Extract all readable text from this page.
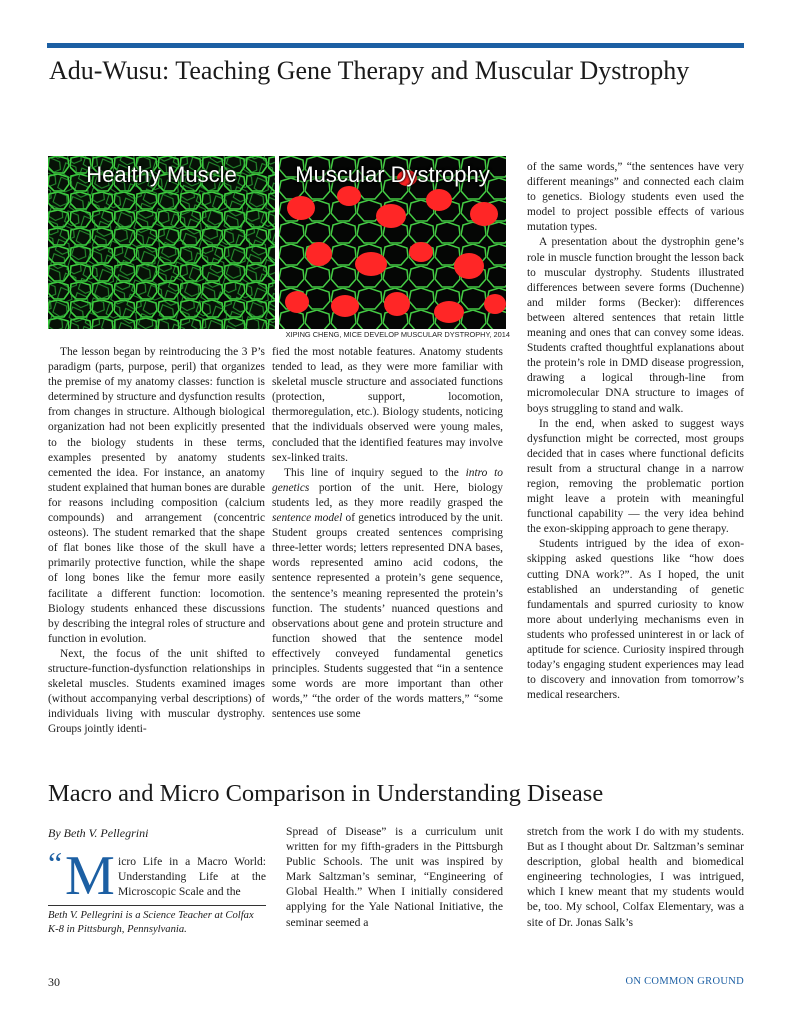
Adu-Wusu: Teaching Gene Therapy and Muscular Dystrophy
Healthy Muscle	Muscular Dystrophy
XIPING CHENG, MICE DEVELOP MUSCULAR DYSTROPHY, 2014

The lesson began by reintroducing the 3 P’s paradigm (parts, purpose, peril) that organizes the premise of my anatomy classes: function is determined by structure and dysfunction results from changes in structure. Although biological organization had not been explicitly presented to the biology students in these terms, examples presented by anatomy students cemented the idea. For instance, an anatomy student explained that human bones are durable for reasons including composition (calcium compounds) and arrangement (concentric osteons). The student remarked that the shape of flat bones like those of the skull have a primarily protective function, while the shape of long bones like the femur more easily facilitate a different function: locomotion. Biology students enhanced these discussions by describing the integral roles of structure and function in evolution.

Next, the focus of the unit shifted to structure-function-dysfunction relationships in skeletal muscles. Students examined images (without accompanying verbal descriptions) of individuals living with muscular dystrophy. Groups jointly identi-

fied the most notable features. Anatomy students tended to lead, as they were more familiar with skeletal muscle structure and associated functions (protection, support, locomotion, thermoregulation, etc.). Biology students, noticing that the individuals observed were young males, concluded that the identified features may involve sex-linked traits.

This line of inquiry segued to the intro to genetics portion of the unit. Here, biology students led, as they more readily grasped the sentence model of genetics introduced by the unit. Student groups created sentences comprising three-letter words; letters represented DNA bases, words represented amino acid codons, the sentence represented a protein’s gene sequence, the sentence’s meaning represented the protein’s function. The students’ nuanced questions and observations about gene and protein structure and function showed that the sentence model effectively conveyed fundamental genetics principles. Students suggested that “in a sentence some words are more important than other words,” “the order of the words matters,” “some sentences use some

of the same words,” “the sentences have very different meanings” and connected each claim to genetics. Biology students even used the model to project possible effects of various mutation types.

A presentation about the dystrophin gene’s role in muscle function brought the lesson back to muscular dystrophy. Students illustrated differences between severe forms (Duchenne) and milder forms (Becker): differences between altered sentences that retain little meaning and ones that can convey some ideas. Students crafted thoughtful explanations about the protein’s role in DMD disease progression, drawing a logical through-line from micromolecular DNA structure to images of boys struggling to stand and walk.

In the end, when asked to suggest ways dysfunction might be corrected, most groups decided that in cases where functional deficits result from a structural change in a narrow region, removing the problematic portion might leave a protein with meaningful functional capability — the very idea behind the exon-skipping approach to gene therapy.

Students intrigued by the idea of exon-skipping asked questions like “how does cutting DNA work?”. As I hoped, the unit established an understanding of genetic fundamentals and spurred curiosity to know more about underlying mechanisms even in students who professed uninterest in or lack of aptitude for science. Curiosity inspired through today’s engaging student experiences may lead to discovery and innovation from tomorrow’s medical researchers.

Macro and Micro Comparison in Understanding Disease
By Beth V. Pellegrini
“ M icro Life in a Macro World: Understanding Life at the Microscopic Scale and the
Beth V. Pellegrini is a Science Teacher at Colfax K-8 in Pittsburgh, Pennsylvania.

Spread of Disease” is a curriculum unit written for my fifth-graders in the Pittsburgh Public Schools. The unit was inspired by Mark Saltzman’s seminar, “Engineering of Global Health.” When I initially considered applying for the Yale National Initiative, the seminar seemed a

stretch from the work I do with my students. But as I thought about Dr. Saltzman’s seminar description, global health and biomedical engineering technologies, I was intrigued, which I knew meant that my students would be, too. My school, Colfax Elementary, was a site of Dr. Jonas Salk’s

30	ON COMMON GROUND
